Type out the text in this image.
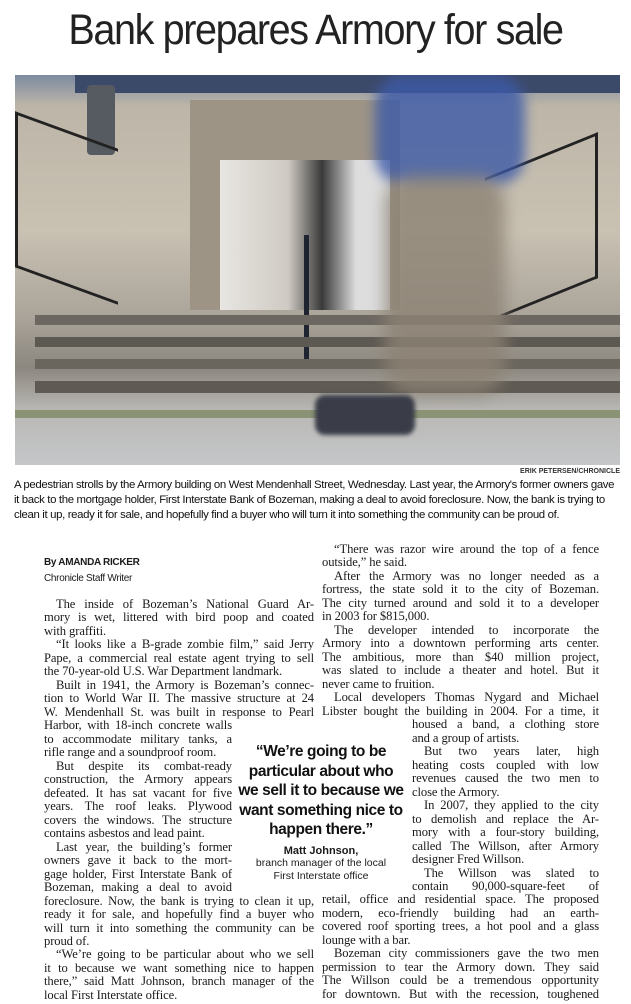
Bank prepares Armory for sale
ERIK PETERSEN/CHRONICLE
A pedestrian strolls by the Armory building on West Mendenhall Street, Wednesday. Last year, the Armory's former owners gave it back to the mortgage holder, First Interstate Bank of Bozeman, making a deal to avoid foreclosure. Now, the bank is trying to clean it up, ready it for sale, and hopefully find a buyer who will turn it into something the community can be proud of.
By AMANDA RICKER
Chronicle Staff Writer
The inside of Bozeman’s National Guard Ar-
mory is wet, littered with bird poop and coated
with graffiti.
“It looks like a B-grade zombie film,” said Jerry
Pape, a commercial real estate agent trying to sell
the 70-year-old U.S. War Department landmark.
Built in 1941, the Armory is Bozeman’s connec-
tion to World War II. The massive structure at 24
W. Mendenhall St. was built in response to Pearl
Harbor, with 18-inch concrete walls
to accommodate military tanks, a
rifle range and a soundproof room.
But despite its combat-ready
construction, the Armory appears
defeated. It has sat vacant for five
years. The roof leaks. Plywood
covers the windows. The structure
contains asbestos and lead paint.
Last year, the building’s former
owners gave it back to the mort-
gage holder, First Interstate Bank of
Bozeman, making a deal to avoid
foreclosure. Now, the bank is trying to clean it up,
ready it for sale, and hopefully find a buyer who
will turn it into something the community can be
proud of.
“We’re going to be particular about who we sell
it to because we want something nice to happen
there,” said Matt Johnson, branch manager of the
local First Interstate office.
“There was razor wire around the top of a fence
outside,” he said.
After the Armory was no longer needed as a
fortress, the state sold it to the city of Bozeman.
The city turned around and sold it to a developer
in 2003 for $815,000.
The developer intended to incorporate the
Armory into a downtown performing arts center.
The ambitious, more than $40 million project,
was slated to include a theater and hotel. But it
never came to fruition.
Local developers Thomas Nygard and Michael
Libster bought the building in 2004. For a time, it
housed a band, a clothing store
and a group of artists.
But two years later, high
heating costs coupled with low
revenues caused the two men to
close the Armory.
In 2007, they applied to the city
to demolish and replace the Ar-
mory with a four-story building,
called The Willson, after Armory
designer Fred Willson.
The Willson was slated to
contain 90,000-square-feet of
retail, office and residential space. The proposed
modern, eco-friendly building had an earth-
covered roof sporting trees, a hot pool and a glass
lounge with a bar.
Bozeman city commissioners gave the two men
permission to tear the Armory down. They said
The Willson could be a tremendous opportunity
for downtown. But with the recession, toughened
“We’re going to be particular about who we sell it to because we want something nice to happen there.”
Matt Johnson,
branch manager of the local
First Interstate office
